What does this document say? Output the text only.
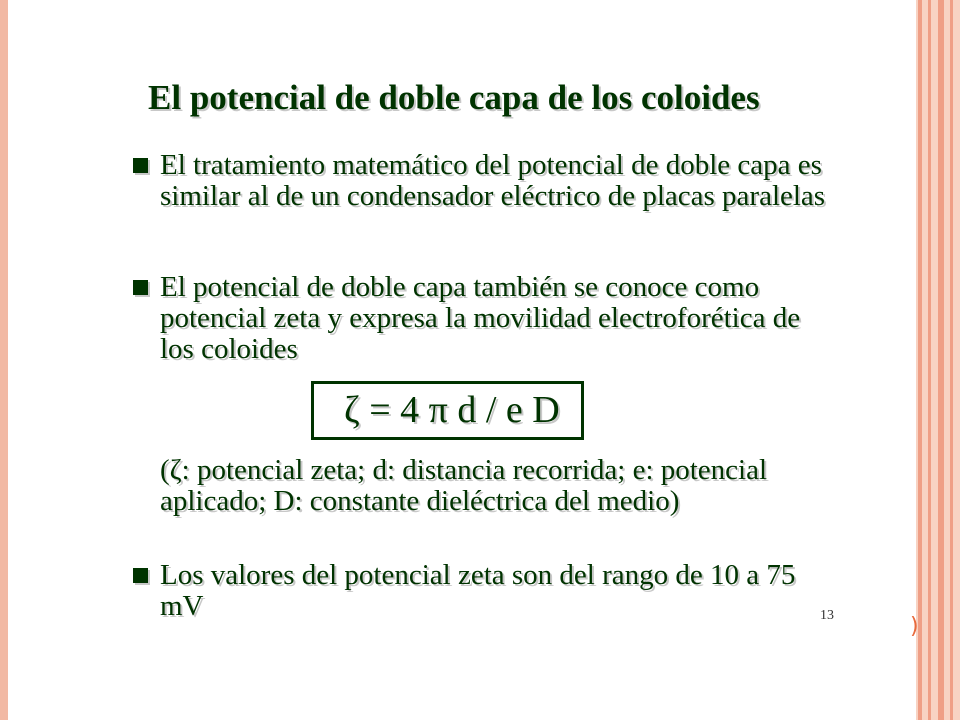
El potencial de doble capa de los coloides
El tratamiento matemático del potencial de doble capa es similar al de un condensador eléctrico de placas paralelas
El potencial de doble capa también se conoce como potencial zeta y expresa la movilidad electroforética de los coloides
ζ = 4 π d / e D
(ζ: potencial zeta; d: distancia recorrida; e: potencial aplicado; D: constante dieléctrica del medio)
Los valores del potencial zeta son del rango de 10 a 75 mV	13	)
